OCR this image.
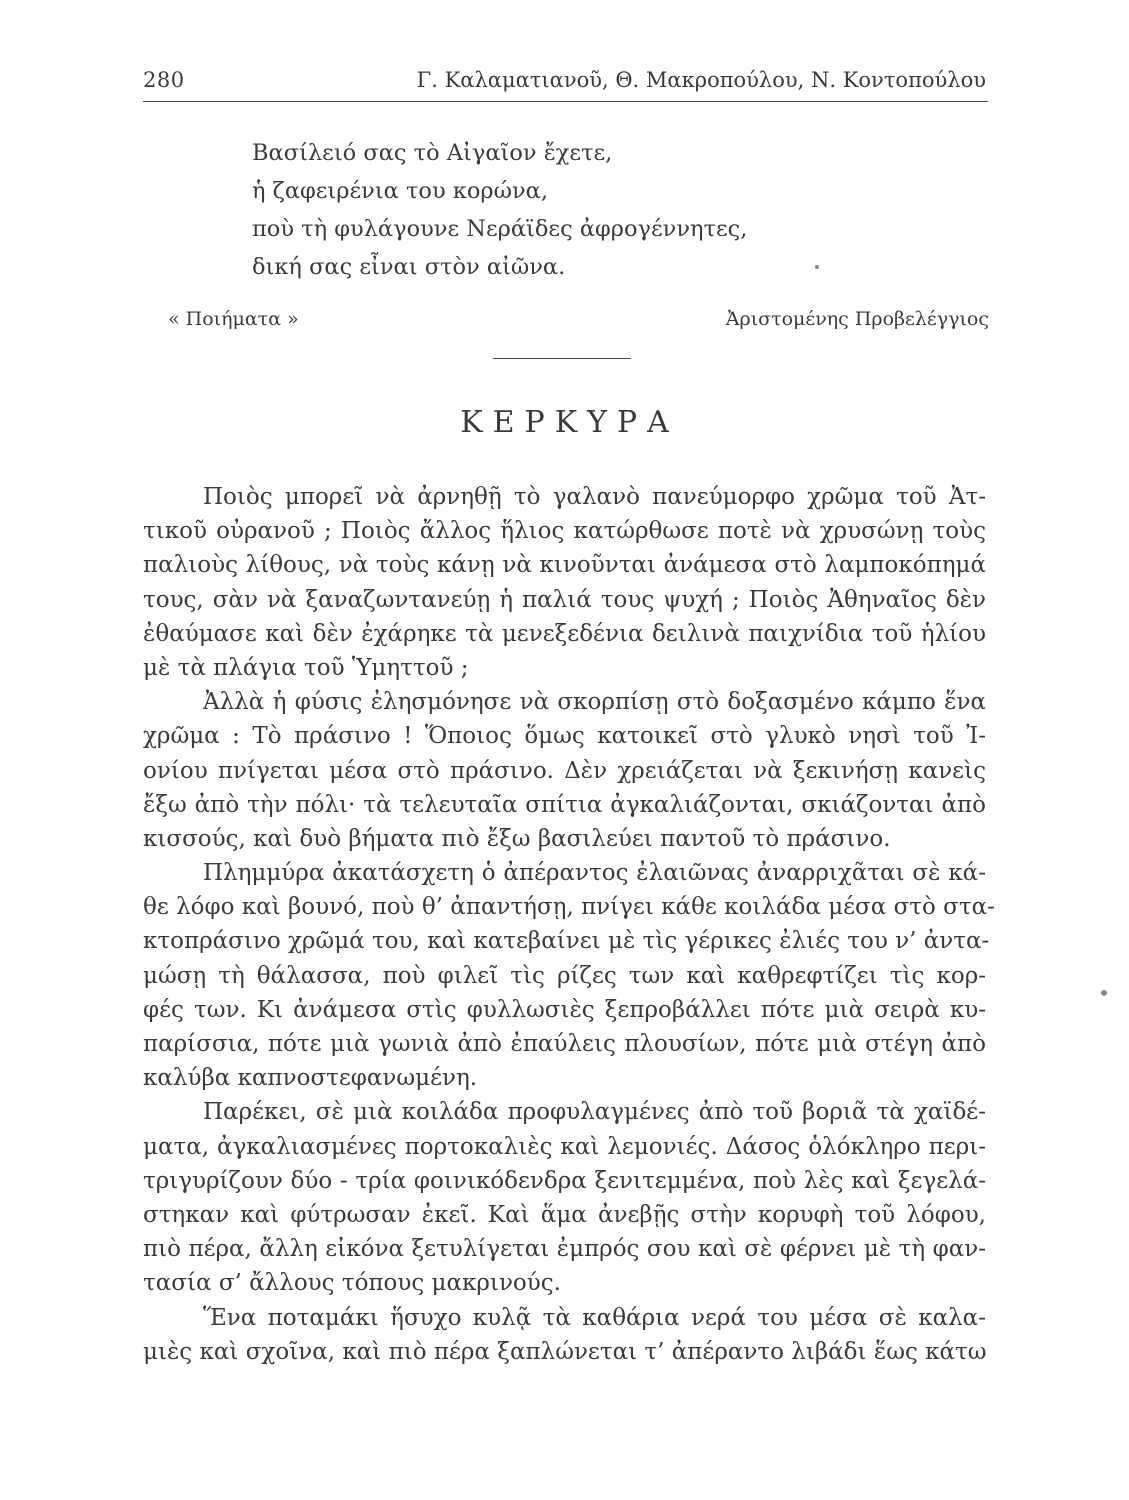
280	Γ. Καλαματιανοῦ, Θ. Μακροπούλου, Ν. Κοντοπούλου
Βασίλειό σας τὸ Αἰγαῖον ἔχετε,
ἡ ζαφειρένια του κορώνα,
ποὺ τὴ φυλάγουνε Νεράϊδες ἀφρογέννητες,
δική σας εἶναι στὸν αἰῶνα.
« Ποιήματα »	Ἀριστομένης Προβελέγγιος
ΚΕΡΚΥΡΑ
Ποιὸς μπορεῖ νὰ ἀρνηθῇ τὸ γαλανὸ πανεύμορφο χρῶμα τοῦ Ἀτ-
τικοῦ οὐρανοῦ ; Ποιὸς ἄλλος ἥλιος κατώρθωσε ποτὲ νὰ χρυσώνῃ τοὺς
παλιοὺς λίθους, νὰ τοὺς κάνῃ νὰ κινοῦνται ἀνάμεσα στὸ λαμποκόπημά
τους, σὰν νὰ ξαναζωντανεύῃ ἡ παλιά τους ψυχή ; Ποιὸς Ἀθηναῖος δὲν
ἐθαύμασε καὶ δὲν ἐχάρηκε τὰ μενεξεδένια δειλινὰ παιχνίδια τοῦ ἡλίου
μὲ τὰ πλάγια τοῦ Ὑμηττοῦ ;
Ἀλλὰ ἡ φύσις ἐλησμόνησε νὰ σκορπίσῃ στὸ δοξασμένο κάμπο ἕνα
χρῶμα : Τὸ πράσινο ! Ὅποιος ὅμως κατοικεῖ στὸ γλυκὸ νησὶ τοῦ Ἰ-
ονίου πνίγεται μέσα στὸ πράσινο. Δὲν χρειάζεται νὰ ξεκινήσῃ κανεὶς
ἔξω ἀπὸ τὴν πόλι· τὰ τελευταῖα σπίτια ἀγκαλιάζονται, σκιάζονται ἀπὸ
κισσούς, καὶ δυὸ βήματα πιὸ ἔξω βασιλεύει παντοῦ τὸ πράσινο.
Πλημμύρα ἀκατάσχετη ὁ ἀπέραντος ἐλαιῶνας ἀναρριχᾶται σὲ κά-
θε λόφο καὶ βουνό, ποὺ θ’ ἀπαντήσῃ, πνίγει κάθε κοιλάδα μέσα στὸ στα-
κτοπράσινο χρῶμά του, καὶ κατεβαίνει μὲ τὶς γέρικες ἐλιές του ν’ ἀντα-
μώσῃ τὴ θάλασσα, ποὺ φιλεῖ τὶς ρίζες των καὶ καθρεφτίζει τὶς κορ-
φές των. Κι ἀνάμεσα στὶς φυλλωσιὲς ξεπροβάλλει πότε μιὰ σειρὰ κυ-
παρίσσια, πότε μιὰ γωνιὰ ἀπὸ ἐπαύλεις πλουσίων, πότε μιὰ στέγη ἀπὸ
καλύβα καπνοστεφανωμένη.
Παρέκει, σὲ μιὰ κοιλάδα προφυλαγμένες ἀπὸ τοῦ βοριᾶ τὰ χαϊδέ-
ματα, ἀγκαλιασμένες πορτοκαλιὲς καὶ λεμονιές. Δάσος ὁλόκληρο περι-
τριγυρίζουν δύο - τρία φοινικόδενδρα ξενιτεμμένα, ποὺ λὲς καὶ ξεγελά-
στηκαν καὶ φύτρωσαν ἐκεῖ. Καὶ ἅμα ἀνεβῇς στὴν κορυφὴ τοῦ λόφου,
πιὸ πέρα, ἄλλη εἰκόνα ξετυλίγεται ἐμπρός σου καὶ σὲ φέρνει μὲ τὴ φαν-
τασία σ’ ἄλλους τόπους μακρινούς.
Ἕνα ποταμάκι ἥσυχο κυλᾷ τὰ καθάρια νερά του μέσα σὲ καλα-
μιὲς καὶ σχοῖνα, καὶ πιὸ πέρα ξαπλώνεται τ’ ἀπέραντο λιβάδι ἕως κάτω
